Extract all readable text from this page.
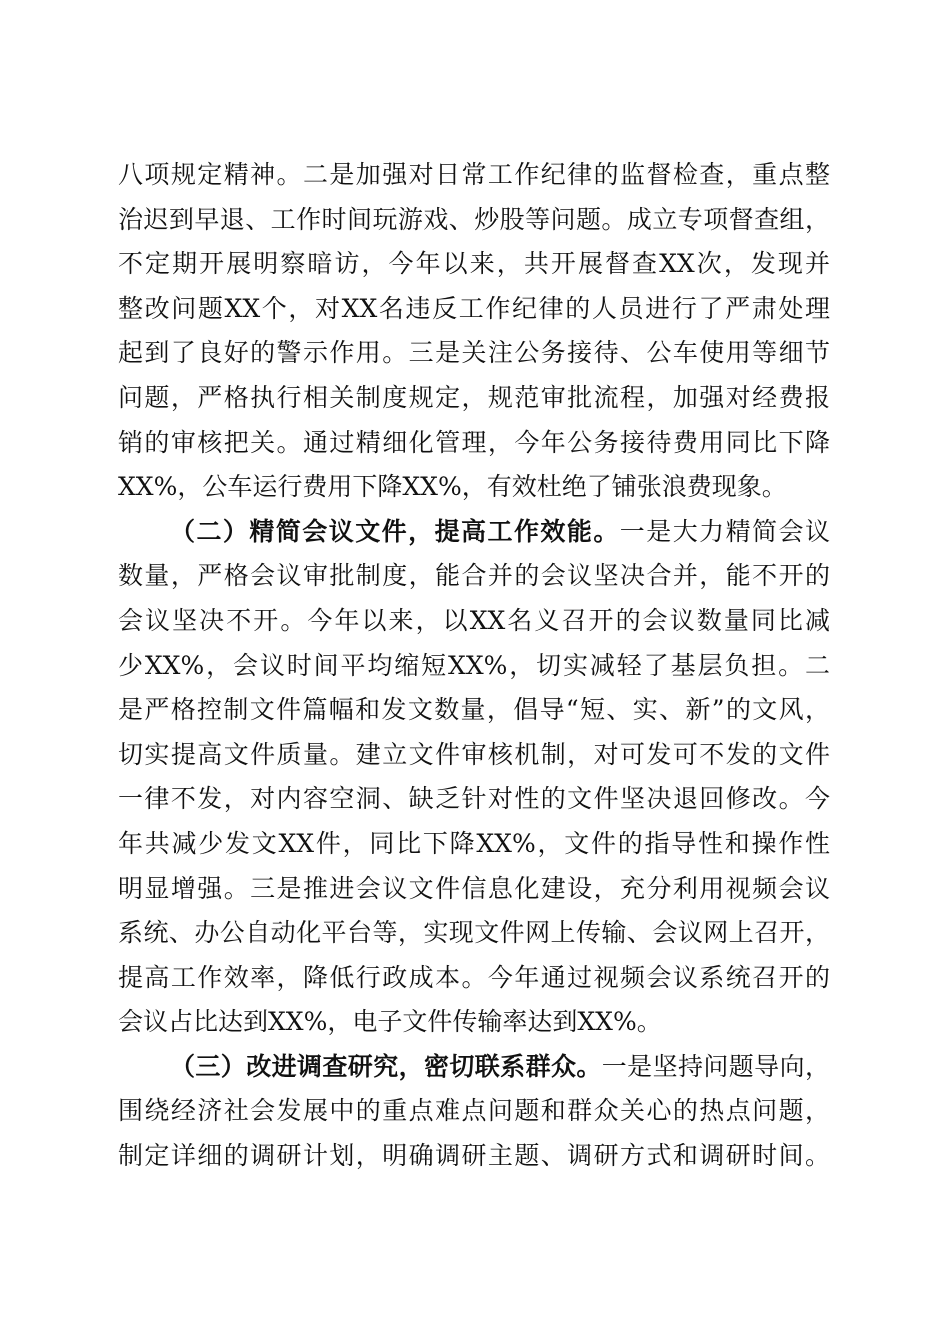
八项规定精神。二是加强对日常工作纪律的监督检查，重点整
治迟到早退、工作时间玩游戏、炒股等问题。成立专项督查组，
不定期开展明察暗访，今年以来，共开展督查XX次，发现并
整改问题XX个，对XX名违反工作纪律的人员进行了严肃处理
起到了良好的警示作用。三是关注公务接待、公车使用等细节
问题，严格执行相关制度规定，规范审批流程，加强对经费报
销的审核把关。通过精细化管理，今年公务接待费用同比下降
XX%，公车运行费用下降XX%，有效杜绝了铺张浪费现象。
（二）精简会议文件，提高工作效能。一是大力精简会议
数量，严格会议审批制度，能合并的会议坚决合并，能不开的
会议坚决不开。今年以来，以XX名义召开的会议数量同比减
少XX%，会议时间平均缩短XX%，切实减轻了基层负担。二
是严格控制文件篇幅和发文数量，倡导“短、实、新”的文风，
切实提高文件质量。建立文件审核机制，对可发可不发的文件
一律不发，对内容空洞、缺乏针对性的文件坚决退回修改。今
年共减少发文XX件，同比下降XX%，文件的指导性和操作性
明显增强。三是推进会议文件信息化建设，充分利用视频会议
系统、办公自动化平台等，实现文件网上传输、会议网上召开，
提高工作效率，降低行政成本。今年通过视频会议系统召开的
会议占比达到XX%，电子文件传输率达到XX%。
（三）改进调查研究，密切联系群众。一是坚持问题导向，
围绕经济社会发展中的重点难点问题和群众关心的热点问题，
制定详细的调研计划，明确调研主题、调研方式和调研时间。
